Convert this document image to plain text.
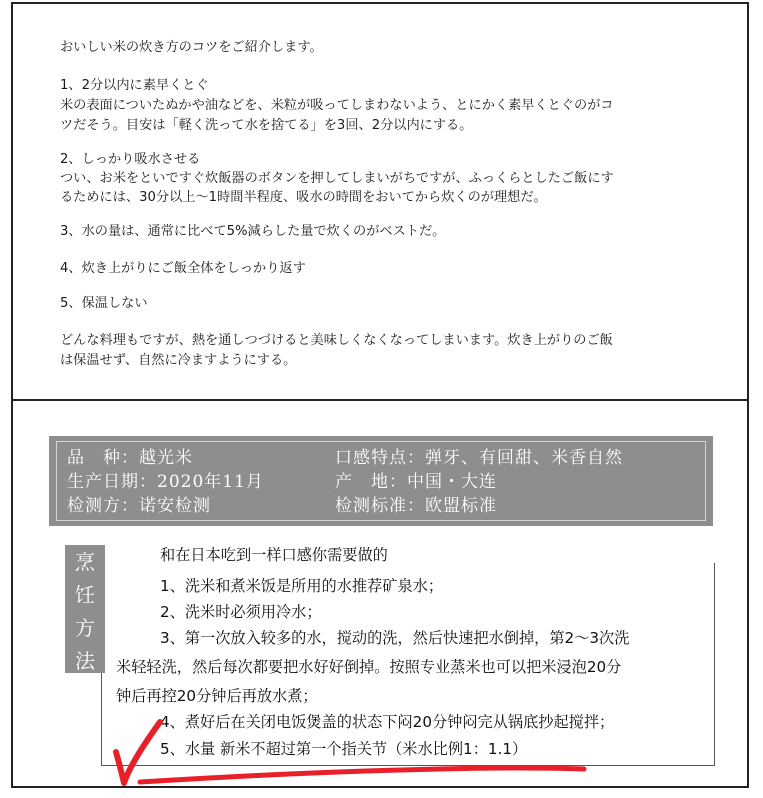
おいしい米の炊き方のコツをご紹介します。
1、2分以内に素早くとぐ
米の表面についたぬかや油などを、米粒が吸ってしまわないよう、とにかく素早くとぐのがコ
ツだそう。目安は「軽く洗って水を捨てる」を3回、2分以内にする。
2、しっかり吸水させる
つい、お米をといですぐ炊飯器のボタンを押してしまいがちですが、ふっくらとしたご飯にす
るためには、30分以上～1時間半程度、吸水の時間をおいてから炊くのが理想だ。
3、水の量は、通常に比べて5%減らした量で炊くのがベストだ。
4、炊き上がりにご飯全体をしっかり返す
5、保温しない
どんな料理もですが、熱を通しつづけると美味しくなくなってしまいます。炊き上がりのご飯
は保温せず、自然に冷ますようにする。
品　种：越光米	口感特点：弹牙、有回甜、米香自然
生产日期：2020年11月	产　地：中国・大连
检测方：诺安检测	检测标准：欧盟标准
烹
饪
方
法
和在日本吃到一样口感你需要做的
1、洗米和煮米饭是所用的水推荐矿泉水；
2、洗米时必须用冷水；
3、第一次放入较多的水，搅动的洗，然后快速把水倒掉，第2～3次洗
米轻轻洗，然后每次都要把水好好倒掉。按照专业蒸米也可以把米浸泡20分
钟后再控20分钟后再放水煮；
4、煮好后在关闭电饭煲盖的状态下闷20分钟闷完从锅底抄起搅拌；
5、水量 新米不超过第一个指关节（米水比例1：1.1）
